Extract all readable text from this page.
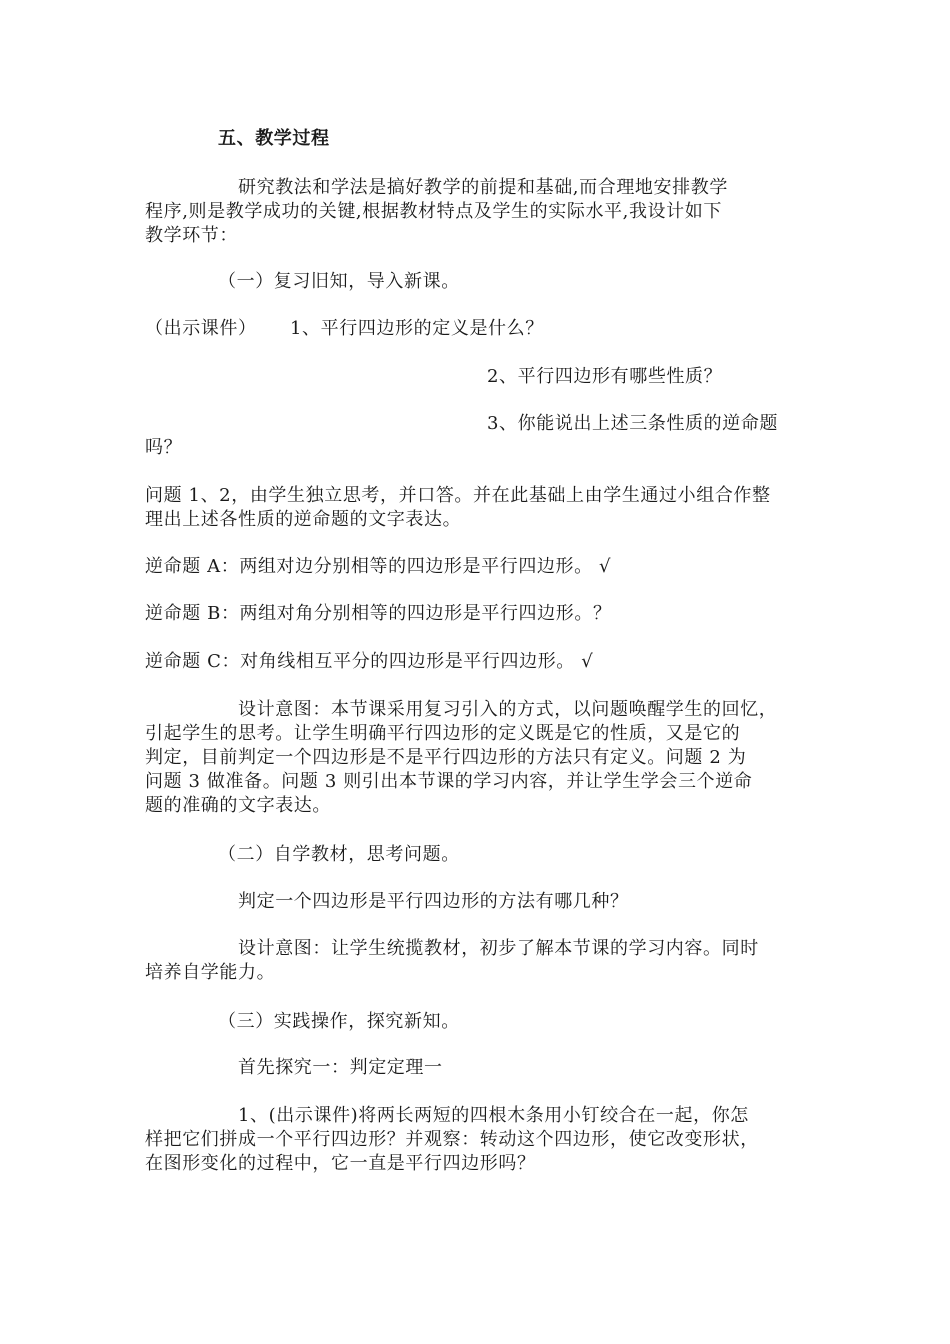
五、教学过程
研究教法和学法是搞好教学的前提和基础,而合理地安排教学
程序,则是教学成功的关键,根据教材特点及学生的实际水平,我设计如下
教学环节：
（一）复习旧知，导入新课。
（出示课件） 1、平行四边形的定义是什么？
2、平行四边形有哪些性质？
3、你能说出上述三条性质的逆命题
吗？
问题 1、2，由学生独立思考，并口答。并在此基础上由学生通过小组合作整
理出上述各性质的逆命题的文字表达。
逆命题 A：两组对边分别相等的四边形是平行四边形。 √
逆命题 B：两组对角分别相等的四边形是平行四边形。？
逆命题 C：对角线相互平分的四边形是平行四边形。 √
设计意图：本节课采用复习引入的方式，以问题唤醒学生的回忆，
引起学生的思考。让学生明确平行四边形的定义既是它的性质，又是它的
判定，目前判定一个四边形是不是平行四边形的方法只有定义。问题 2 为
问题 3 做准备。问题 3 则引出本节课的学习内容，并让学生学会三个逆命
题的准确的文字表达。
（二）自学教材，思考问题。
判定一个四边形是平行四边形的方法有哪几种？
设计意图：让学生统揽教材，初步了解本节课的学习内容。同时
培养自学能力。
（三）实践操作，探究新知。
首先探究一：判定定理一
1、(出示课件)将两长两短的四根木条用小钉绞合在一起，你怎
样把它们拼成一个平行四边形？并观察：转动这个四边形，使它改变形状，
在图形变化的过程中，它一直是平行四边形吗？
